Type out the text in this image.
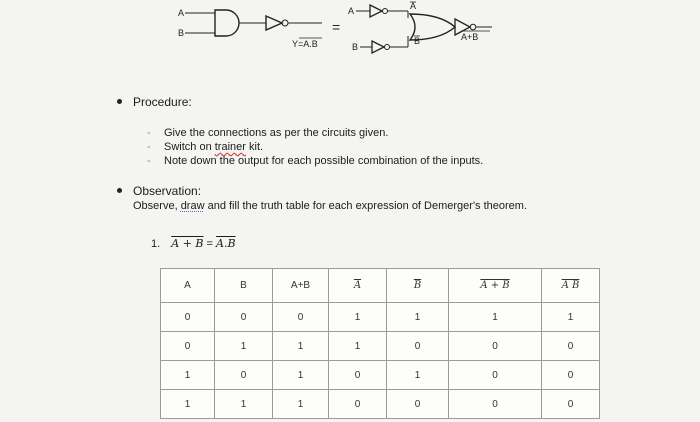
A
B
Y=A.B
=
A
B
A
B	A+B
Procedure:
- Give the connections as per the circuits given.
- Switch on trainer kit.
- Note down the output for each possible combination of the inputs.
Observation:
Observe, draw and fill the truth table for each expression of Demerger's theorem.
1. A + B = A.B
A	B	A+B	$\overline{A}$	$\overline{B}$	A + B	A B
0	0	0	1	1	1	1
0	1	1	1	0	0	0
1	0	1	0	1	0	0
1	1	1	0	0	0	0
